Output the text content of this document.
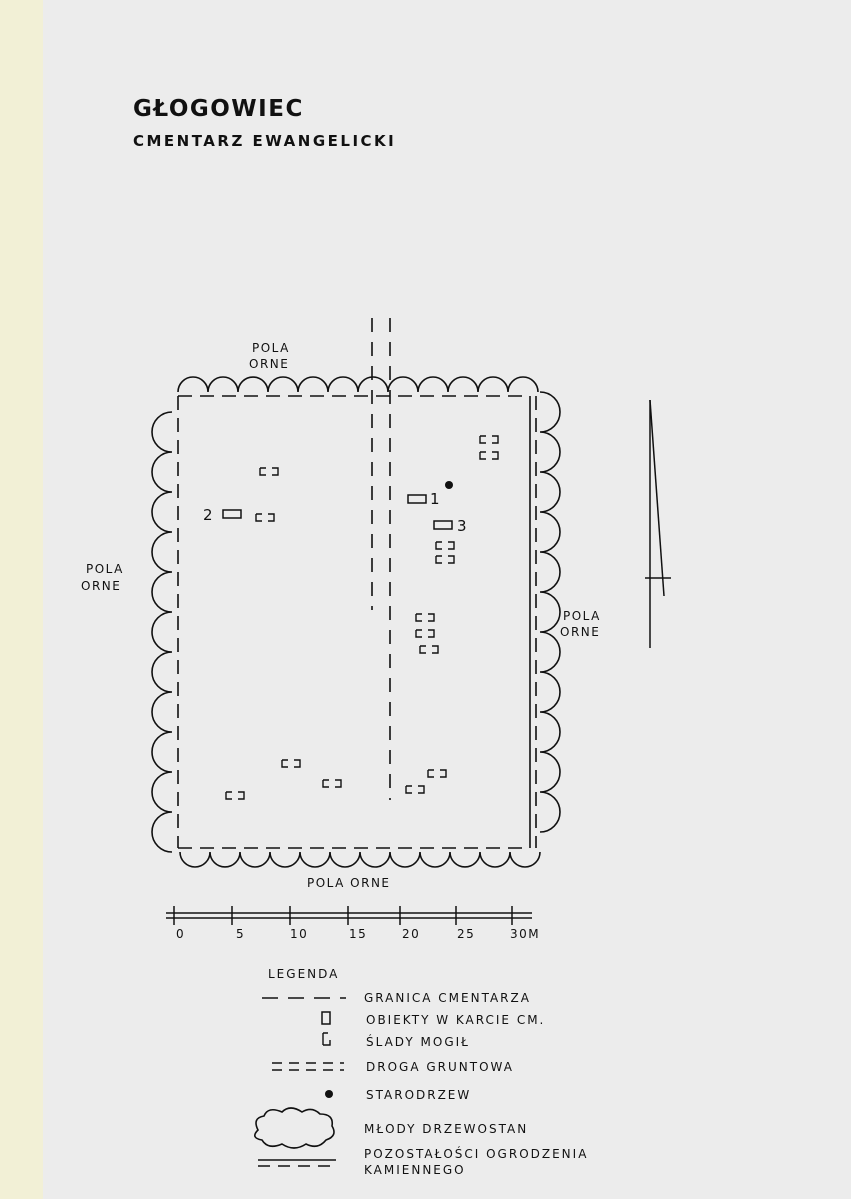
GŁOGOWIEC
CMENTARZ EWANGELICKI
1
2
3
POLA
ORNE
POLA
ORNE
POLA
ORNE
POLA ORNE
0	5	10	15	20	25	30M
LEGENDA
GRANICA CMENTARZA
OBIEKTY W KARCIE CM.
ŚLADY MOGIŁ
DROGA GRUNTOWA
STARODRZEW
MŁODY DRZEWOSTAN
POZOSTAŁOŚCI OGRODZENIA KAMIENNEGO
